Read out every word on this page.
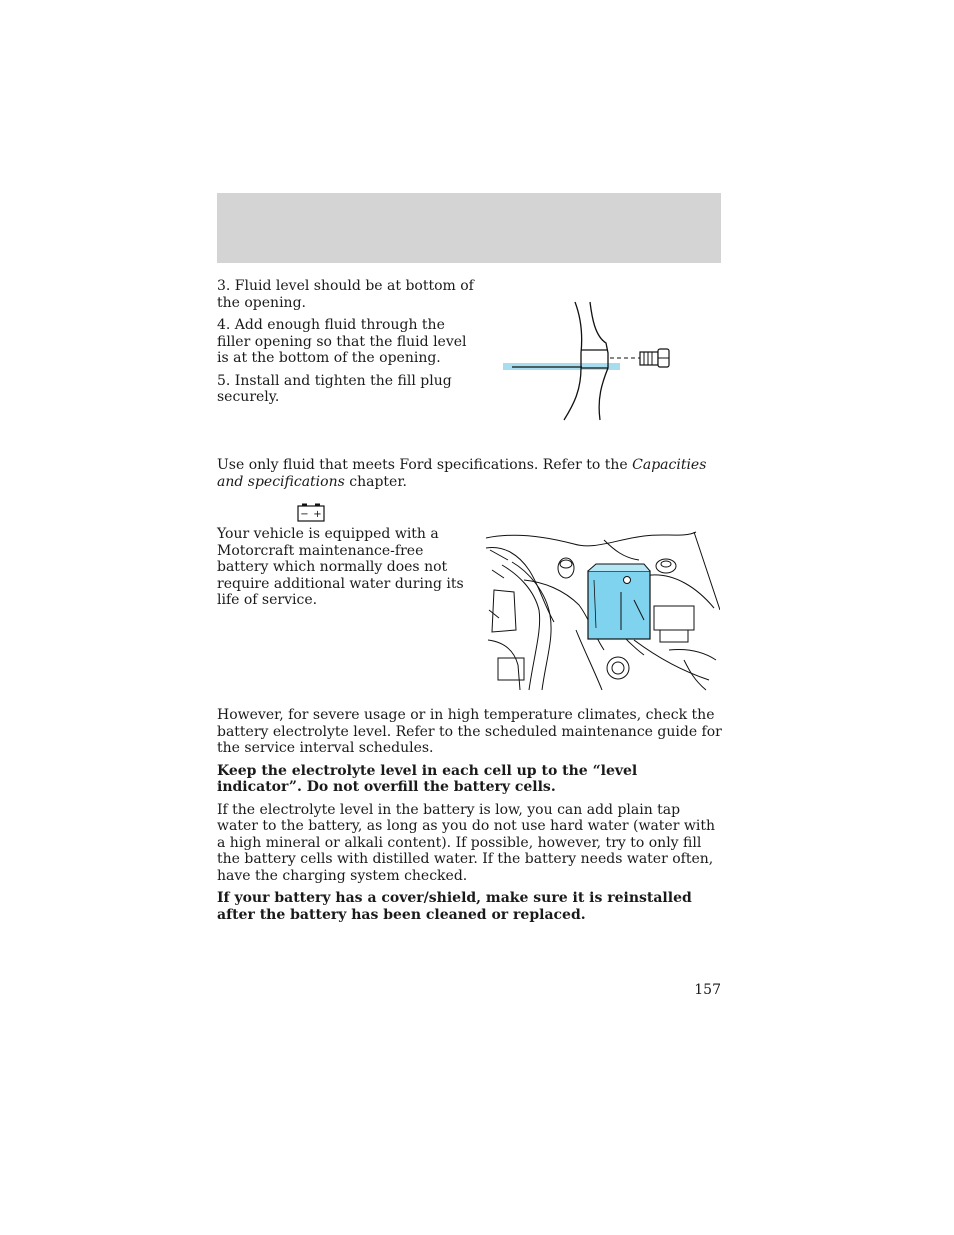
3. Fluid level should be at bottom of the opening.

4. Add enough fluid through the filler opening so that the fluid level is at the bottom of the opening.

5. Install and tighten the fill plug securely.

Use only fluid that meets Ford specifications. Refer to the Capacities and specifications chapter.
− +
Your vehicle is equipped with a Motorcraft maintenance-free battery which normally does not require additional water during its life of service.

However, for severe usage or in high temperature climates, check the battery electrolyte level. Refer to the scheduled maintenance guide for the service interval schedules.

Keep the electrolyte level in each cell up to the “level indicator”. Do not overfill the battery cells.

If the electrolyte level in the battery is low, you can add plain tap water to the battery, as long as you do not use hard water (water with a high mineral or alkali content). If possible, however, try to only fill the battery cells with distilled water. If the battery needs water often, have the charging system checked.

If your battery has a cover/shield, make sure it is reinstalled after the battery has been cleaned or replaced.

157
